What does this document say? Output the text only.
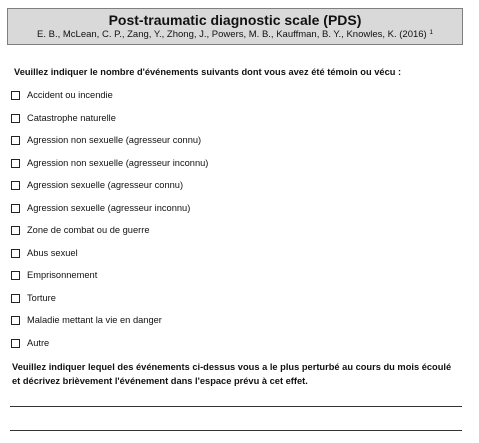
Post-traumatic diagnostic scale (PDS)
E. B., McLean, C. P., Zang, Y., Zhong, J., Powers, M. B., Kauffman, B. Y., Knowles, K. (2016) $^1$
Veuillez indiquer le nombre d'événements suivants dont vous avez été témoin ou vécu :
Accident ou incendie
Catastrophe naturelle
Agression non sexuelle (agresseur connu)
Agression non sexuelle (agresseur inconnu)
Agression sexuelle (agresseur connu)
Agression sexuelle (agresseur inconnu)
Zone de combat ou de guerre
Abus sexuel
Emprisonnement
Torture
Maladie mettant la vie en danger
Autre
Veuillez indiquer lequel des événements ci-dessus vous a le plus perturbé au cours du mois écoulé
et décrivez brièvement l'événement dans l'espace prévu à cet effet.
